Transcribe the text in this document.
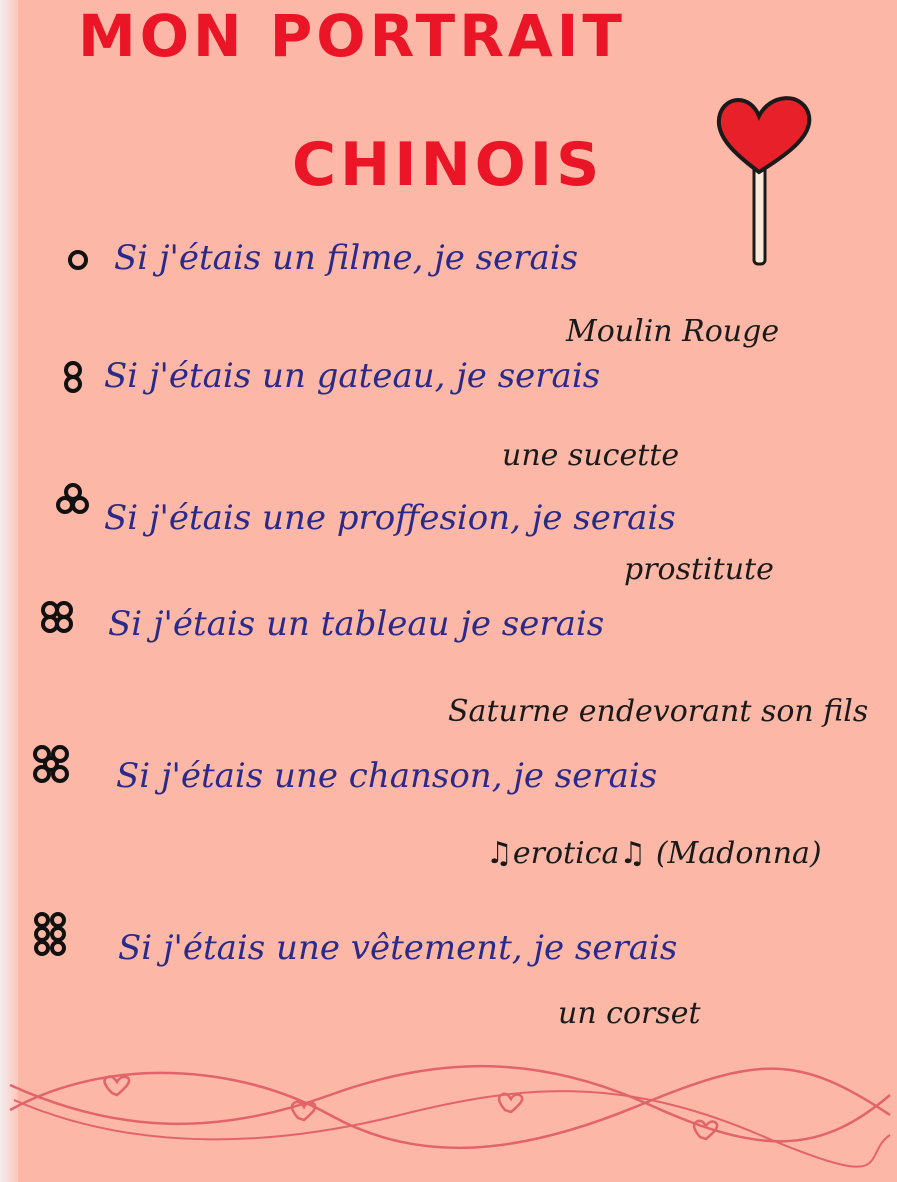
MON PORTRAIT
CHINOIS
Si j'étais un filme, je serais
Moulin Rouge
Si j'étais un gateau, je serais
une sucette
Si j'étais une proffesion, je serais
prostitute
Si j'étais un tableau je serais
Saturne endevorant son fils
Si j'étais une chanson, je serais
♫erotica♫ (Madonna)
Si j'étais une vêtement, je serais
un corset
